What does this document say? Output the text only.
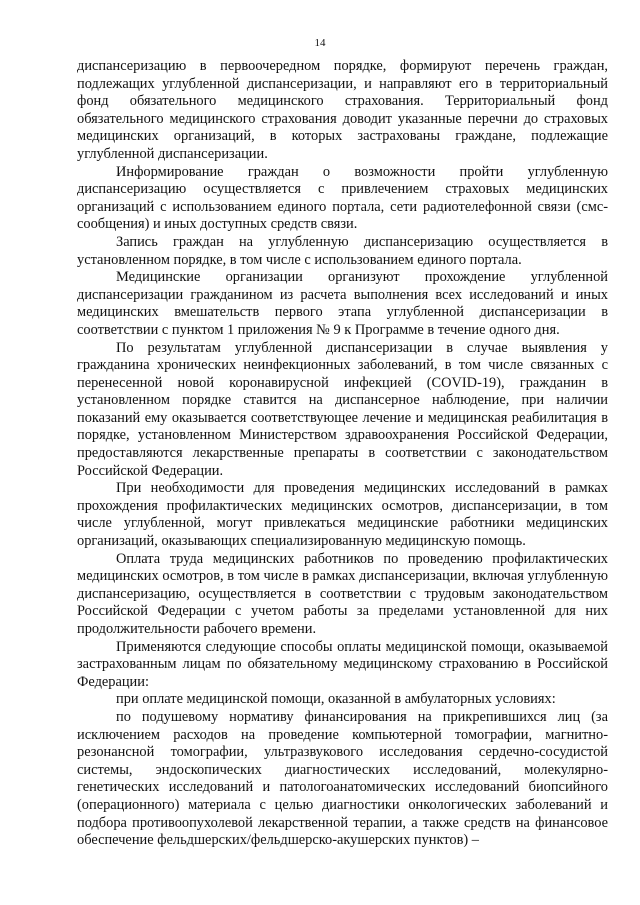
14

диспансеризацию в первоочередном порядке, формируют перечень граждан, подлежащих углубленной диспансеризации, и направляют его в территориальный фонд обязательного медицинского страхования. Территориальный фонд обязательного медицинского страхования доводит указанные перечни до страховых медицинских организаций, в которых застрахованы граждане, подлежащие углубленной диспансеризации.

Информирование граждан о возможности пройти углубленную диспансеризацию осуществляется с привлечением страховых медицинских организаций с использованием единого портала, сети радиотелефонной связи (смс-сообщения) и иных доступных средств связи.

Запись граждан на углубленную диспансеризацию осуществляется в установленном порядке, в том числе с использованием единого портала.

Медицинские организации организуют прохождение углубленной диспансеризации гражданином из расчета выполнения всех исследований и иных медицинских вмешательств первого этапа углубленной диспансеризации в соответствии с пунктом 1 приложения № 9 к Программе в течение одного дня.

По результатам углубленной диспансеризации в случае выявления у гражданина хронических неинфекционных заболеваний, в том числе связанных с перенесенной новой коронавирусной инфекцией (COVID-19), гражданин в установленном порядке ставится на диспансерное наблюдение, при наличии показаний ему оказывается соответствующее лечение и медицинская реабилитация в порядке, установленном Министерством здравоохранения Российской Федерации, предоставляются лекарственные препараты в соответствии с законодательством Российской Федерации.

При необходимости для проведения медицинских исследований в рамках прохождения профилактических медицинских осмотров, диспансеризации, в том числе углубленной, могут привлекаться медицинские работники медицинских организаций, оказывающих специализированную медицинскую помощь.

Оплата труда медицинских работников по проведению профилактических медицинских осмотров, в том числе в рамках диспансеризации, включая углубленную диспансеризацию, осуществляется в соответствии с трудовым законодательством Российской Федерации с учетом работы за пределами установленной для них продолжительности рабочего времени.

Применяются следующие способы оплаты медицинской помощи, оказываемой застрахованным лицам по обязательному медицинскому страхованию в Российской Федерации:

при оплате медицинской помощи, оказанной в амбулаторных условиях:

по подушевому нормативу финансирования на прикрепившихся лиц (за исключением расходов на проведение компьютерной томографии, магнитно-резонансной томографии, ультразвукового исследования сердечно-сосудистой системы, эндоскопических диагностических исследований, молекулярно-генетических исследований и патологоанатомических исследований биопсийного (операционного) материала с целью диагностики онкологических заболеваний и подбора противоопухолевой лекарственной терапии, а также средств на финансовое обеспечение фельдшерских/фельдшерско-акушерских пунктов) –
